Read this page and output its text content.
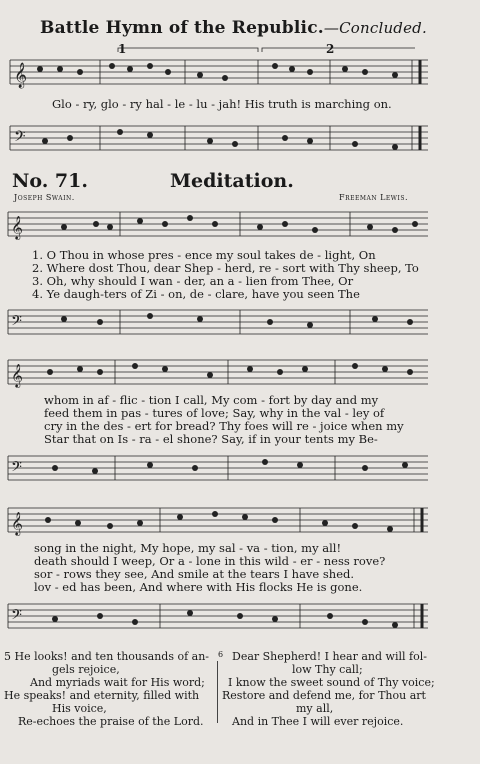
Battle Hymn of the Republic.—Concluded.
𝄞
1	2
Glo - ry, glo - ry hal - le - lu - jah! His truth is marching on.
𝄢
No. 71.	Meditation.
Joseph Swain.	Freeman Lewis.
𝄞
1. O Thou in whose pres - ence my soul takes de - light, On
2. Where dost Thou, dear Shep - herd, re - sort with Thy sheep, To
3. Oh, why should I wan - der, an a - lien from Thee, Or
4. Ye daugh-ters of Zi - on, de - clare, have you seen The
𝄢
𝄞
whom in af - flic - tion I call, My com - fort by day and my
feed them in pas - tures of love; Say, why in the val - ley of
cry in the des - ert for bread? Thy foes will re - joice when my
Star that on Is - ra - el shone? Say, if in your tents my Be-
𝄢
𝄞
song in the night, My hope, my sal - va - tion, my all!
death should I weep, Or a - lone in this wild - er - ness rove?
sor - rows they see, And smile at the tears I have shed.
lov - ed has been, And where with His flocks He is gone.
𝄢
5 He looks! and ten thousands of an-
gels rejoice,
And myriads wait for His word;
He speaks! and eternity, filled with
His voice,
Re-echoes the praise of the Lord.
6 Dear Shepherd! I hear and will fol-
low Thy call;
I know the sweet sound of Thy voice;
Restore and defend me, for Thou art
my all,
And in Thee I will ever rejoice.
